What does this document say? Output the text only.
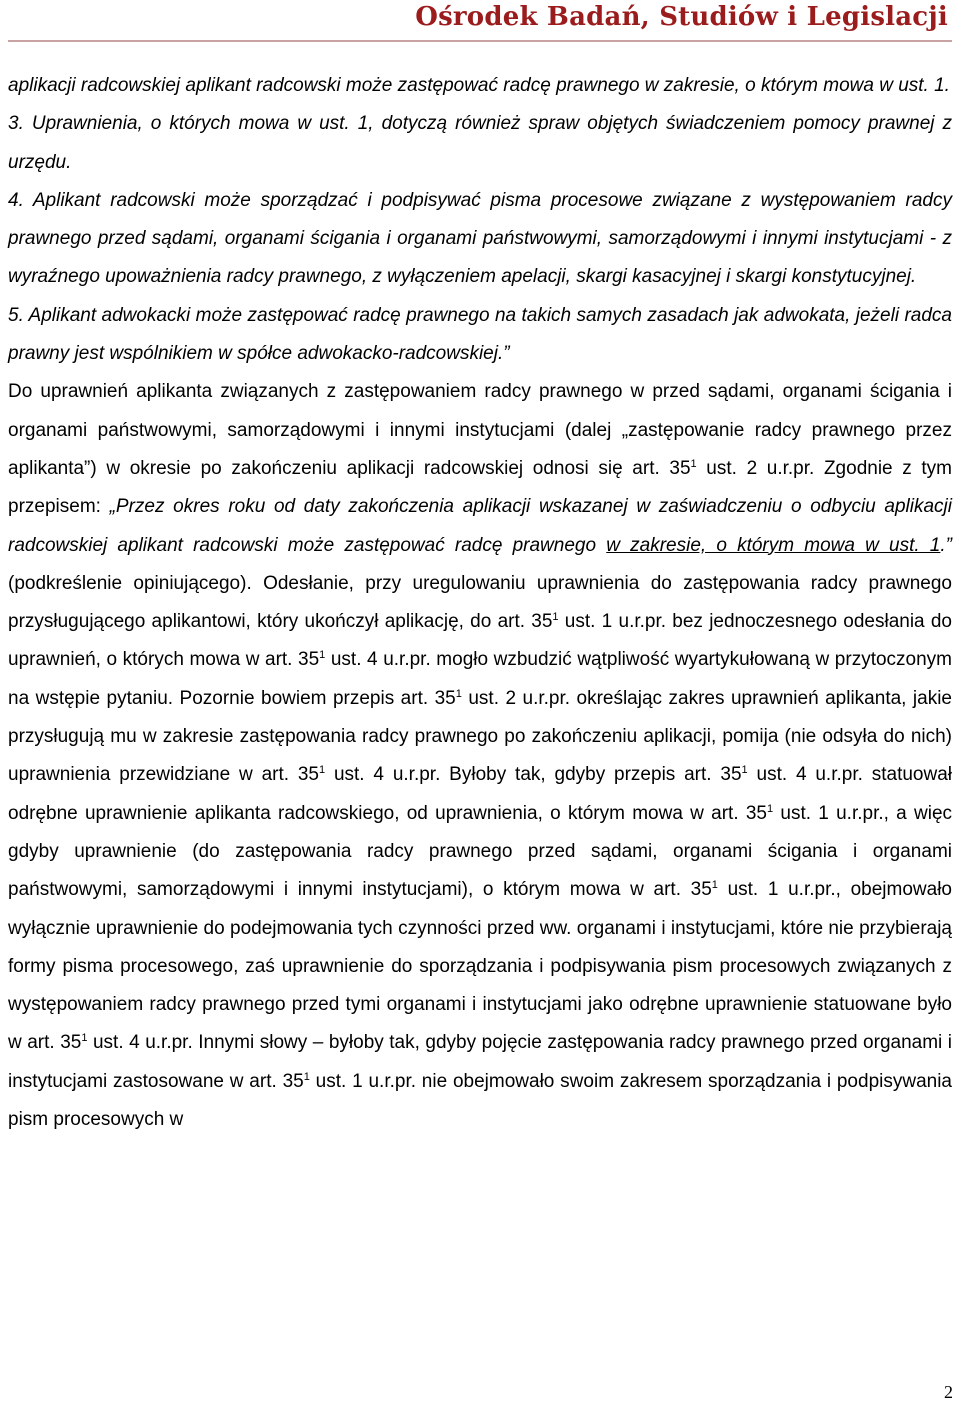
Ośrodek Badań, Studiów i Legislacji

aplikacji radcowskiej aplikant radcowski może zastępować radcę prawnego w zakresie, o którym mowa w ust. 1.

3. Uprawnienia, o których mowa w ust. 1, dotyczą również spraw objętych świadczeniem pomocy prawnej z urzędu.

4. Aplikant radcowski może sporządzać i podpisywać pisma procesowe związane z występowaniem radcy prawnego przed sądami, organami ścigania i organami państwowymi, samorządowymi i innymi instytucjami - z wyraźnego upoważnienia radcy prawnego, z wyłączeniem apelacji, skargi kasacyjnej i skargi konstytucyjnej.

5. Aplikant adwokacki może zastępować radcę prawnego na takich samych zasadach jak adwokata, jeżeli radca prawny jest wspólnikiem w spółce adwokacko-radcowskiej.”

Do uprawnień aplikanta związanych z zastępowaniem radcy prawnego w przed sądami, organami ścigania i organami państwowymi, samorządowymi i innymi instytucjami (dalej „zastępowanie radcy prawnego przez aplikanta”) w okresie po zakończeniu aplikacji radcowskiej odnosi się art. $35^1$ ust. 2 u.r.pr. Zgodnie z tym przepisem: „Przez okres roku od daty zakończenia aplikacji wskazanej w zaświadczeniu o odbyciu aplikacji radcowskiej aplikant radcowski może zastępować radcę prawnego w zakresie, o którym mowa w ust. 1.” (podkreślenie opiniującego). Odesłanie, przy uregulowaniu uprawnienia do zastępowania radcy prawnego przysługującego aplikantowi, który ukończył aplikację, do art. $35^1$ ust. 1 u.r.pr. bez jednoczesnego odesłania do uprawnień, o których mowa w art. $35^1$ ust. 4 u.r.pr. mogło wzbudzić wątpliwość wyartykułowaną w przytoczonym na wstępie pytaniu. Pozornie bowiem przepis art. $35^1$ ust. 2 u.r.pr. określając zakres uprawnień aplikanta, jakie przysługują mu w zakresie zastępowania radcy prawnego po zakończeniu aplikacji, pomija (nie odsyła do nich) uprawnienia przewidziane w art. $35^1$ ust. 4 u.r.pr. Byłoby tak, gdyby przepis art. $35^1$ ust. 4 u.r.pr. statuował odrębne uprawnienie aplikanta radcowskiego, od uprawnienia, o którym mowa w art. $35^1$ ust. 1 u.r.pr., a więc gdyby uprawnienie (do zastępowania radcy prawnego przed sądami, organami ścigania i organami państwowymi, samorządowymi i innymi instytucjami), o którym mowa w art. $35^1$ ust. 1 u.r.pr., obejmowało wyłącznie uprawnienie do podejmowania tych czynności przed ww. organami i instytucjami, które nie przybierają formy pisma procesowego, zaś uprawnienie do sporządzania i podpisywania pism procesowych związanych z występowaniem radcy prawnego przed tymi organami i instytucjami jako odrębne uprawnienie statuowane było w art. $35^1$ ust. 4 u.r.pr. Innymi słowy – byłoby tak, gdyby pojęcie zastępowania radcy prawnego przed organami i instytucjami zastosowane w art. $35^1$ ust. 1 u.r.pr. nie obejmowało swoim zakresem sporządzania i podpisywania pism procesowych w

2
